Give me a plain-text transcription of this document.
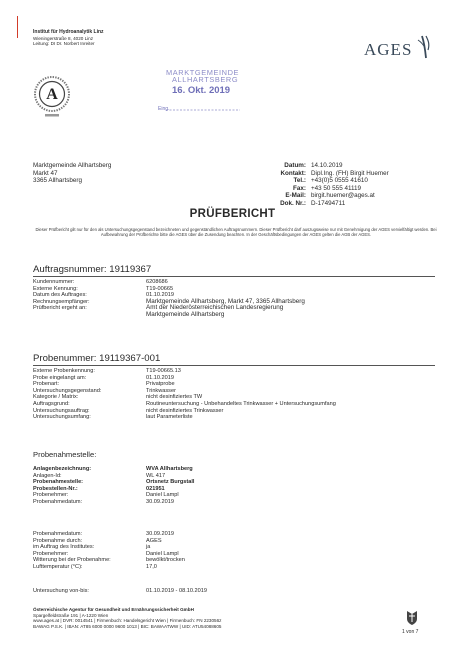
Institut für Hydroanalytik Linz
Wieningerstraße 8, 4020 Linz
Leitung: DI Dr. Norbert Inreiter
A
MARKTGEMEINDE
ALLHARTSBERG
16. Okt. 2019
Eing.
AGES
Marktgemeinde Allhartsberg
Markt 47
3365 Allhartsberg
Datum: 14.10.2019
Kontakt: Dipl.Ing. (FH) Birgit Huemer
Tel.: +43(0)5 0555 41610
Fax: +43 50 555 41119
E-Mail: birgit.huemer@ages.at
Dok. Nr.: D-17494711
PRÜFBERICHT
Dieser Prüfbericht gilt nur für den als Untersuchungsgegenstand bezeichneten und gegenständlichen Auftragsnummern. Dieser Prüfbericht darf auszugsweise nur mit Genehmigung der AGES vervielfältigt werden. Bei Aufbewahrung der Prüfberichte bitte die AGES über die Zusendung beachten. In der Geschäftsbedingungen der AGES gelten die AGB der AGES.
Auftragsnummer: 19119367
Kundennummer:	6208686
Externe Kennung:	T19-00665
Datum des Auftrages:	01.10.2019
Rechnungsempfänger:	Marktgemeinde Allhartsberg, Markt 47, 3365 Allhartsberg
Prüfbericht ergeht an:	Amt der Niederösterreichischen Landesregierung
Marktgemeinde Allhartsberg
Probenummer: 19119367-001
Externe Probenkennung:	T19-00665.13
Probe eingelangt am:	01.10.2019
Probenart:	Privatprobe
Untersuchungsgegenstand:	Trinkwasser
Kategorie / Matrix:	nicht desinfiziertes TW
Auftragsgrund:	Routineuntersuchung - Unbehandeltes Trinkwasser + Untersuchungsumfang
Untersuchungsauftrag:	nicht desinfiziertes Trinkwasser
Untersuchungsumfang:	laut Parameterliste
Probenahmestelle:
Anlagenbezeichnung:	WVA Allhartsberg
Anlagen-Id:	WL 417
Probenahmestelle:	Ortsnetz Burgstall
Probestellen-Nr.:	021951
Probenehmer:	Daniel Lampl
Probenahmedatum:	30.09.2019
Probenahmedatum:	30.09.2019
Probenahme durch:	AGES
im Auftrag des Institutes:	ja
Probenehmer:	Daniel Lampl
Witterung bei der Probenahme:	bewölkt/trocken
Lufttemperatur (°C):	17,0
Untersuchung von-bis:	01.10.2019 - 08.10.2019
Österreichische Agentur für Gesundheit und Ernährungssicherheit GmbH
Spargelfeldstraße 191 | A-1220 Wien
www.ages.at | DVR: 0014541 | Firmenbuch: Handelsgericht Wien | Firmenbuch: FN 223056z
BAWAG P.S.K. | IBAN: AT85 6000 0000 9600 1013 | BIC: BAWAATWW | UID: ATU54088605
1 von 7
